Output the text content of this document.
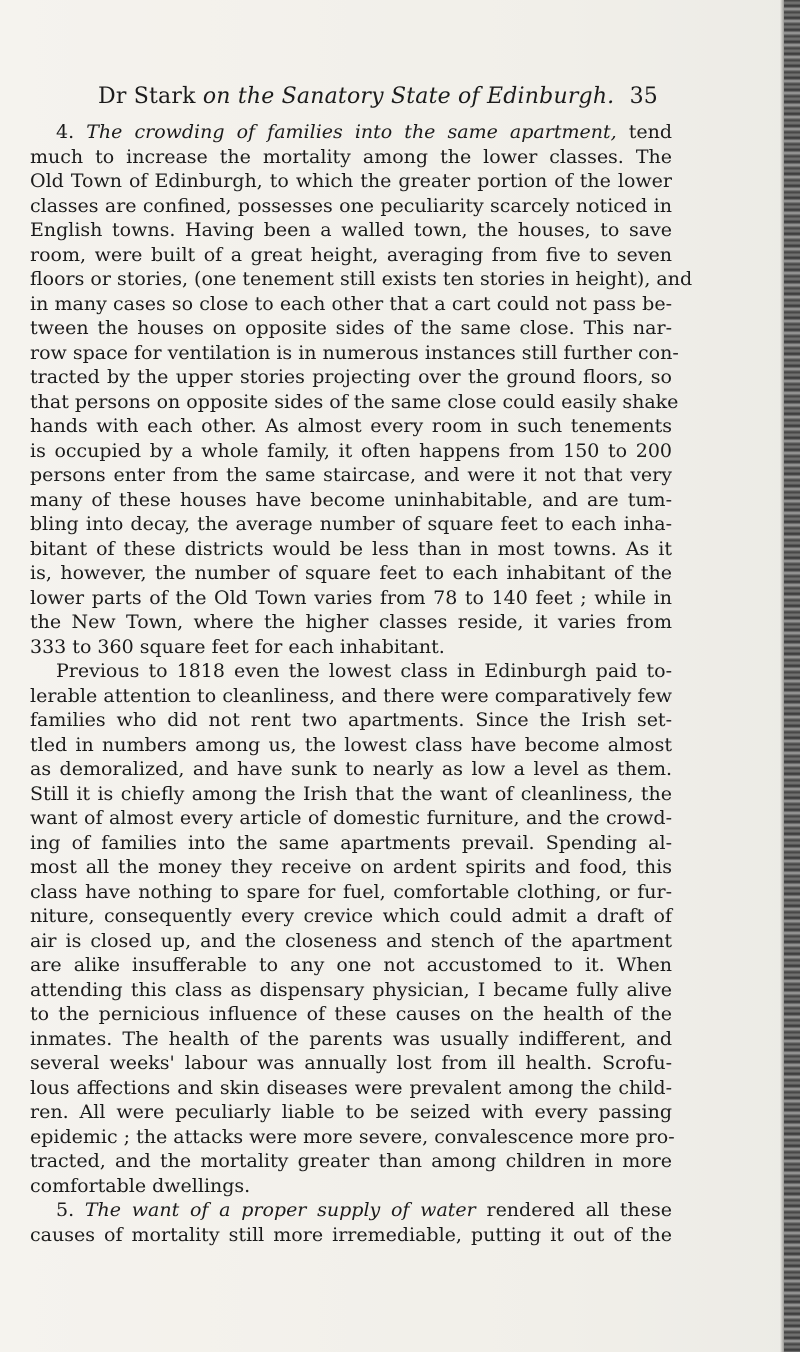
Dr Stark on the Sanatory State of Edinburgh. 35
4. The crowding of families into the same apartment, tend
much to increase the mortality among the lower classes. The
Old Town of Edinburgh, to which the greater portion of the lower
classes are confined, possesses one peculiarity scarcely noticed in
English towns. Having been a walled town, the houses, to save
room, were built of a great height, averaging from five to seven
floors or stories, (one tenement still exists ten stories in height), and
in many cases so close to each other that a cart could not pass be-
tween the houses on opposite sides of the same close. This nar-
row space for ventilation is in numerous instances still further con-
tracted by the upper stories projecting over the ground floors, so
that persons on opposite sides of the same close could easily shake
hands with each other. As almost every room in such tenements
is occupied by a whole family, it often happens from 150 to 200
persons enter from the same staircase, and were it not that very
many of these houses have become uninhabitable, and are tum-
bling into decay, the average number of square feet to each inha-
bitant of these districts would be less than in most towns. As it
is, however, the number of square feet to each inhabitant of the
lower parts of the Old Town varies from 78 to 140 feet ; while in
the New Town, where the higher classes reside, it varies from
333 to 360 square feet for each inhabitant.
Previous to 1818 even the lowest class in Edinburgh paid to-
lerable attention to cleanliness, and there were comparatively few
families who did not rent two apartments. Since the Irish set-
tled in numbers among us, the lowest class have become almost
as demoralized, and have sunk to nearly as low a level as them.
Still it is chiefly among the Irish that the want of cleanliness, the
want of almost every article of domestic furniture, and the crowd-
ing of families into the same apartments prevail. Spending al-
most all the money they receive on ardent spirits and food, this
class have nothing to spare for fuel, comfortable clothing, or fur-
niture, consequently every crevice which could admit a draft of
air is closed up, and the closeness and stench of the apartment
are alike insufferable to any one not accustomed to it. When
attending this class as dispensary physician, I became fully alive
to the pernicious influence of these causes on the health of the
inmates. The health of the parents was usually indifferent, and
several weeks' labour was annually lost from ill health. Scrofu-
lous affections and skin diseases were prevalent among the child-
ren. All were peculiarly liable to be seized with every passing
epidemic ; the attacks were more severe, convalescence more pro-
tracted, and the mortality greater than among children in more
comfortable dwellings.
5. The want of a proper supply of water rendered all these
causes of mortality still more irremediable, putting it out of the
